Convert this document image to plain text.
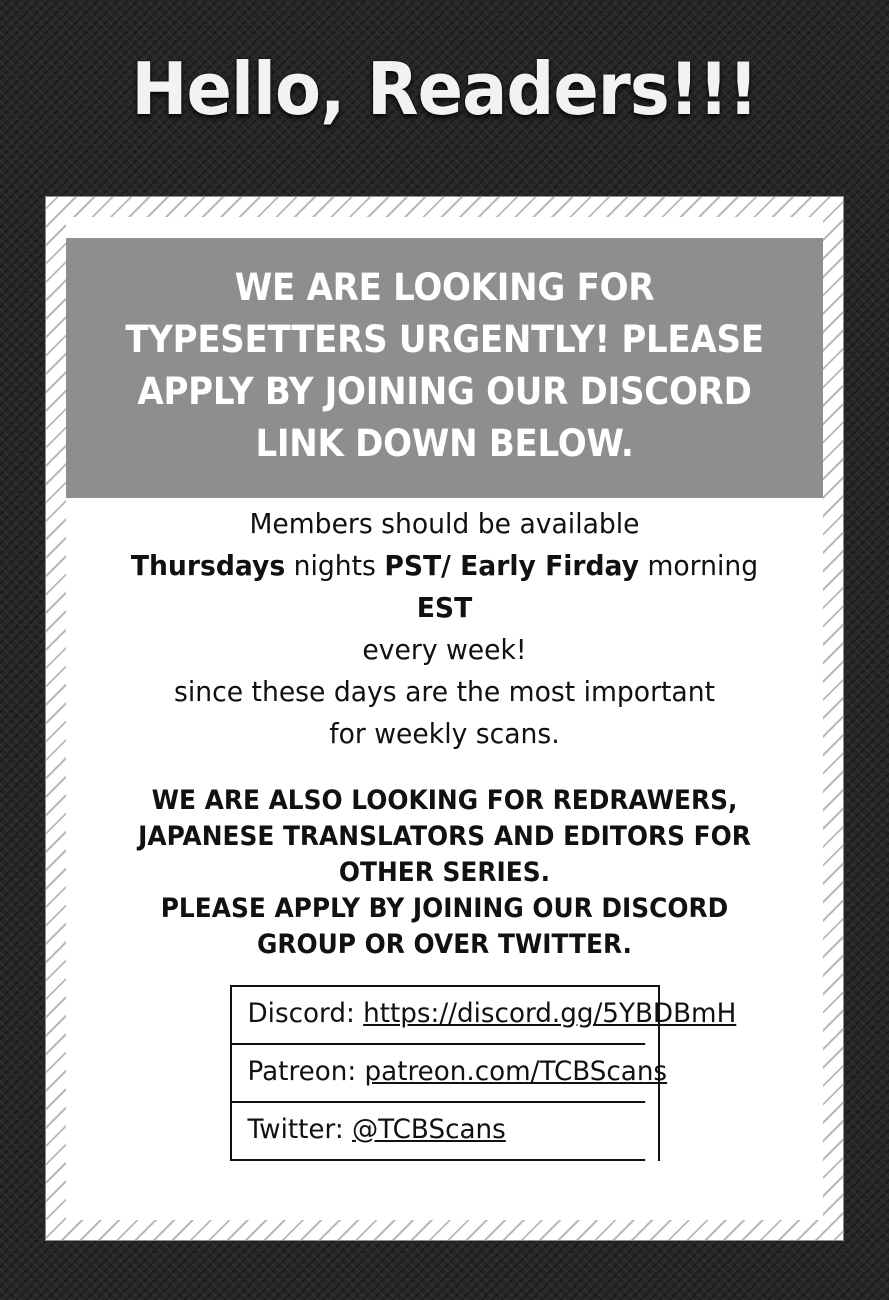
Hello, Readers!!!
WE ARE LOOKING FOR TYPESETTERS URGENTLY! PLEASE APPLY BY JOINING OUR DISCORD LINK DOWN BELOW.
Members should be available
Thursdays nights PST/ Early Firday morning EST
every week!
since these days are the most important
for weekly scans.
WE ARE ALSO LOOKING FOR REDRAWERS,
JAPANESE TRANSLATORS AND EDITORS FOR OTHER SERIES.
PLEASE APPLY BY JOINING OUR DISCORD GROUP OR OVER TWITTER.
Discord: https://discord.gg/5YBDBmH
Patreon: patreon.com/TCBScans
Twitter: @TCBScans
